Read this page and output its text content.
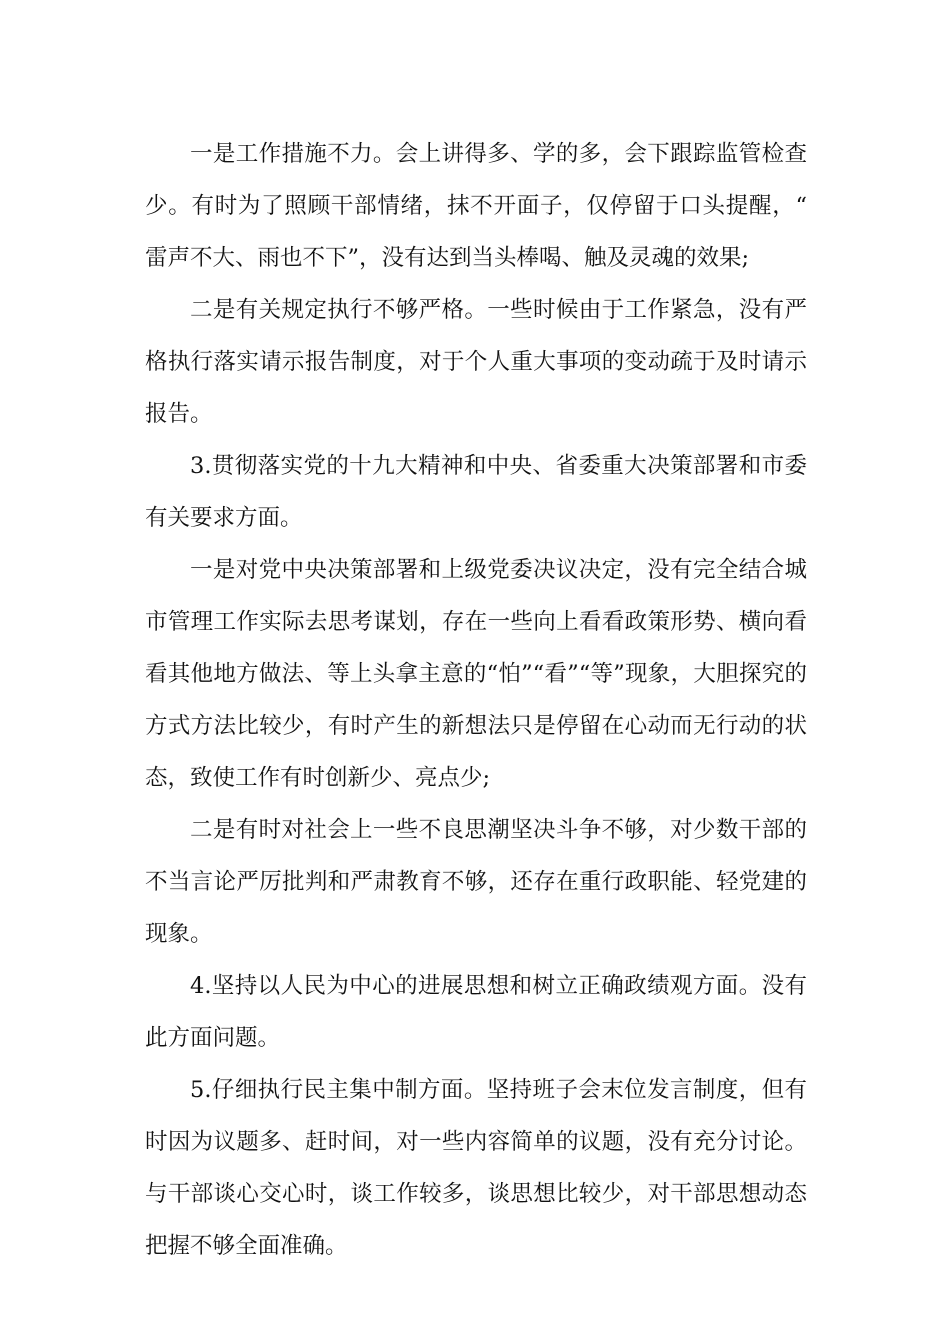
一是工作措施不力。会上讲得多、学的多，会下跟踪监管检查少。有时为了照顾干部情绪，抹不开面子，仅停留于口头提醒，“雷声不大、雨也不下”，没有达到当头棒喝、触及灵魂的效果;

二是有关规定执行不够严格。一些时候由于工作紧急，没有严格执行落实请示报告制度，对于个人重大事项的变动疏于及时请示报告。

3.贯彻落实党的十九大精神和中央、省委重大决策部署和市委有关要求方面。

一是对党中央决策部署和上级党委决议决定，没有完全结合城市管理工作实际去思考谋划，存在一些向上看看政策形势、横向看看其他地方做法、等上头拿主意的“怕”“看”“等”现象，大胆探究的方式方法比较少，有时产生的新想法只是停留在心动而无行动的状态，致使工作有时创新少、亮点少;

二是有时对社会上一些不良思潮坚决斗争不够，对少数干部的不当言论严厉批判和严肃教育不够，还存在重行政职能、轻党建的现象。

4.坚持以人民为中心的进展思想和树立正确政绩观方面。没有此方面问题。

5.仔细执行民主集中制方面。坚持班子会末位发言制度，但有时因为议题多、赶时间，对一些内容简单的议题，没有充分讨论。与干部谈心交心时，谈工作较多，谈思想比较少，对干部思想动态把握不够全面准确。
